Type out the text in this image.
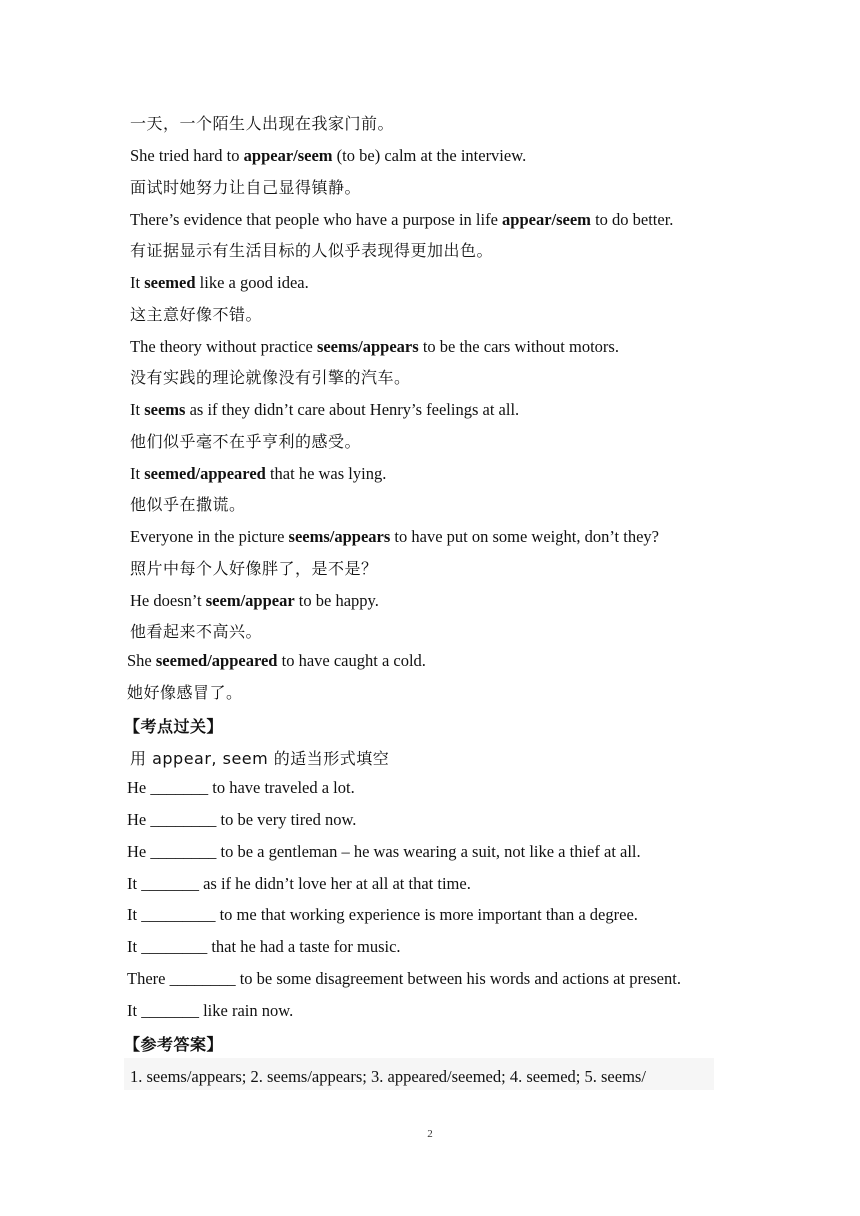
一天，一个陌生人出现在我家门前。
She tried hard to appear/seem (to be) calm at the interview.
面试时她努力让自己显得镇静。
There’s evidence that people who have a purpose in life appear/seem to do better.
有证据显示有生活目标的人似乎表现得更加出色。
It seemed like a good idea.
这主意好像不错。
The theory without practice seems/appears to be the cars without motors.
没有实践的理论就像没有引擎的汽车。
It seems as if they didn’t care about Henry’s feelings at all.
他们似乎毫不在乎亨利的感受。
It seemed/appeared that he was lying.
他似乎在撒谎。
Everyone in the picture seems/appears to have put on some weight, don’t they?
照片中每个人好像胖了，是不是？
He doesn’t seem/appear to be happy.
他看起来不高兴。
She seemed/appeared to have caught a cold.
她好像感冒了。
【考点过关】
用 appear, seem 的适当形式填空
He _______ to have traveled a lot.
He ________ to be very tired now.
He ________ to be a gentleman – he was wearing a suit, not like a thief at all.
It _______ as if he didn’t love her at all at that time.
It _________ to me that working experience is more important than a degree.
It ________ that he had a taste for music.
There ________ to be some disagreement between his words and actions at present.
It _______ like rain now.
【参考答案】
1. seems/appears; 2. seems/appears; 3. appeared/seemed; 4. seemed; 5. seems/
2
